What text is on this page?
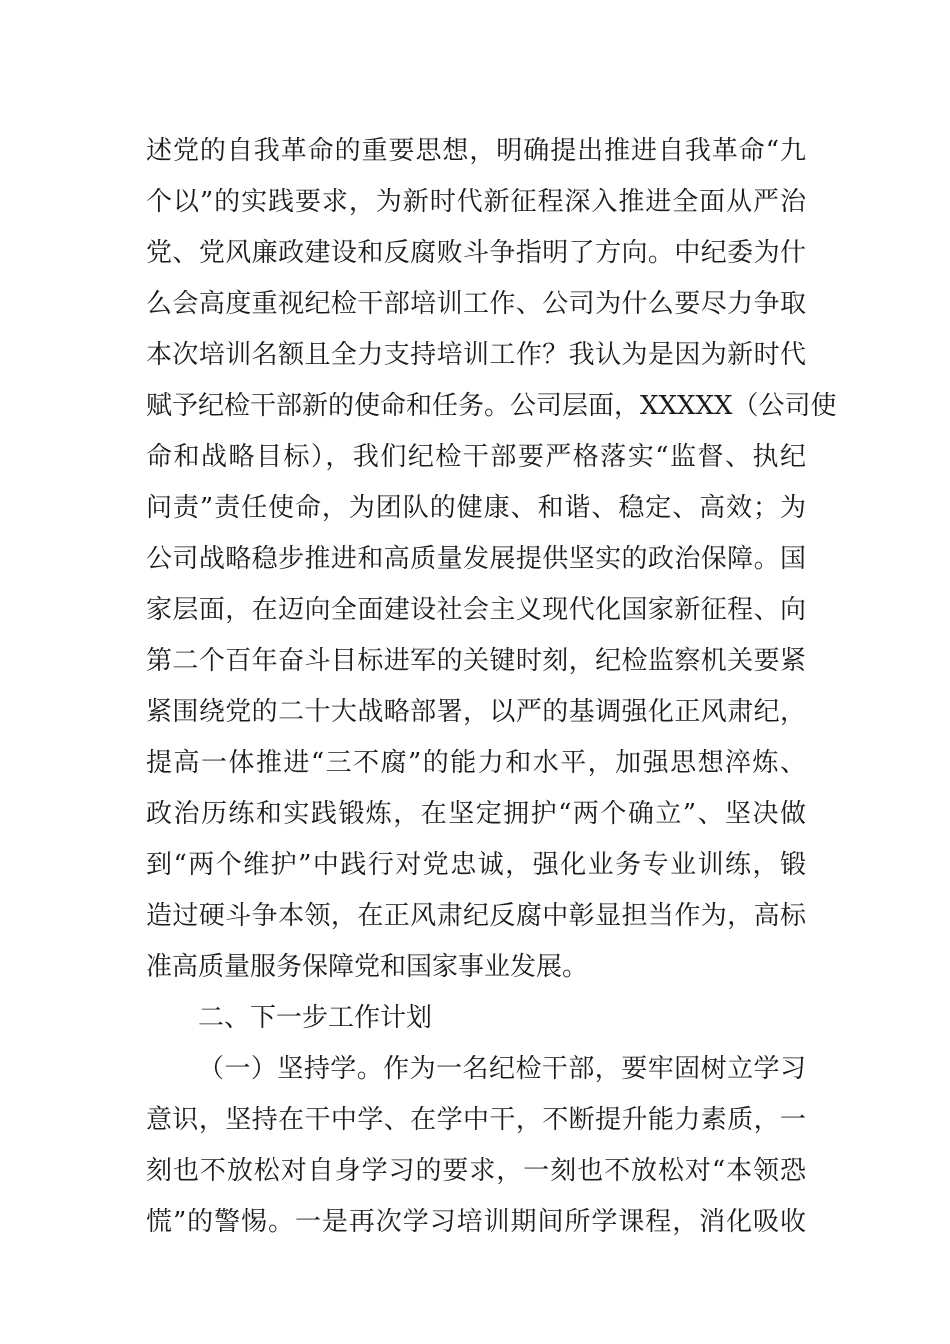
述党的自我革命的重要思想，明确提出推进自我革命“九
个以”的实践要求，为新时代新征程深入推进全面从严治
党、党风廉政建设和反腐败斗争指明了方向。中纪委为什
么会高度重视纪检干部培训工作、公司为什么要尽力争取
本次培训名额且全力支持培训工作？我认为是因为新时代
赋予纪检干部新的使命和任务。公司层面，XXXXX（公司使
命和战略目标），我们纪检干部要严格落实“监督、执纪
问责”责任使命，为团队的健康、和谐、稳定、高效；为
公司战略稳步推进和高质量发展提供坚实的政治保障。国
家层面，在迈向全面建设社会主义现代化国家新征程、向
第二个百年奋斗目标进军的关键时刻，纪检监察机关要紧
紧围绕党的二十大战略部署，以严的基调强化正风肃纪，
提高一体推进“三不腐”的能力和水平，加强思想淬炼、
政治历练和实践锻炼，在坚定拥护“两个确立”、坚决做
到“两个维护”中践行对党忠诚，强化业务专业训练，锻
造过硬斗争本领，在正风肃纪反腐中彰显担当作为，高标
准高质量服务保障党和国家事业发展。
二、下一步工作计划
（一）坚持学。作为一名纪检干部，要牢固树立学习
意识，坚持在干中学、在学中干，不断提升能力素质，一
刻也不放松对自身学习的要求，一刻也不放松对“本领恐
慌”的警惕。一是再次学习培训期间所学课程，消化吸收
